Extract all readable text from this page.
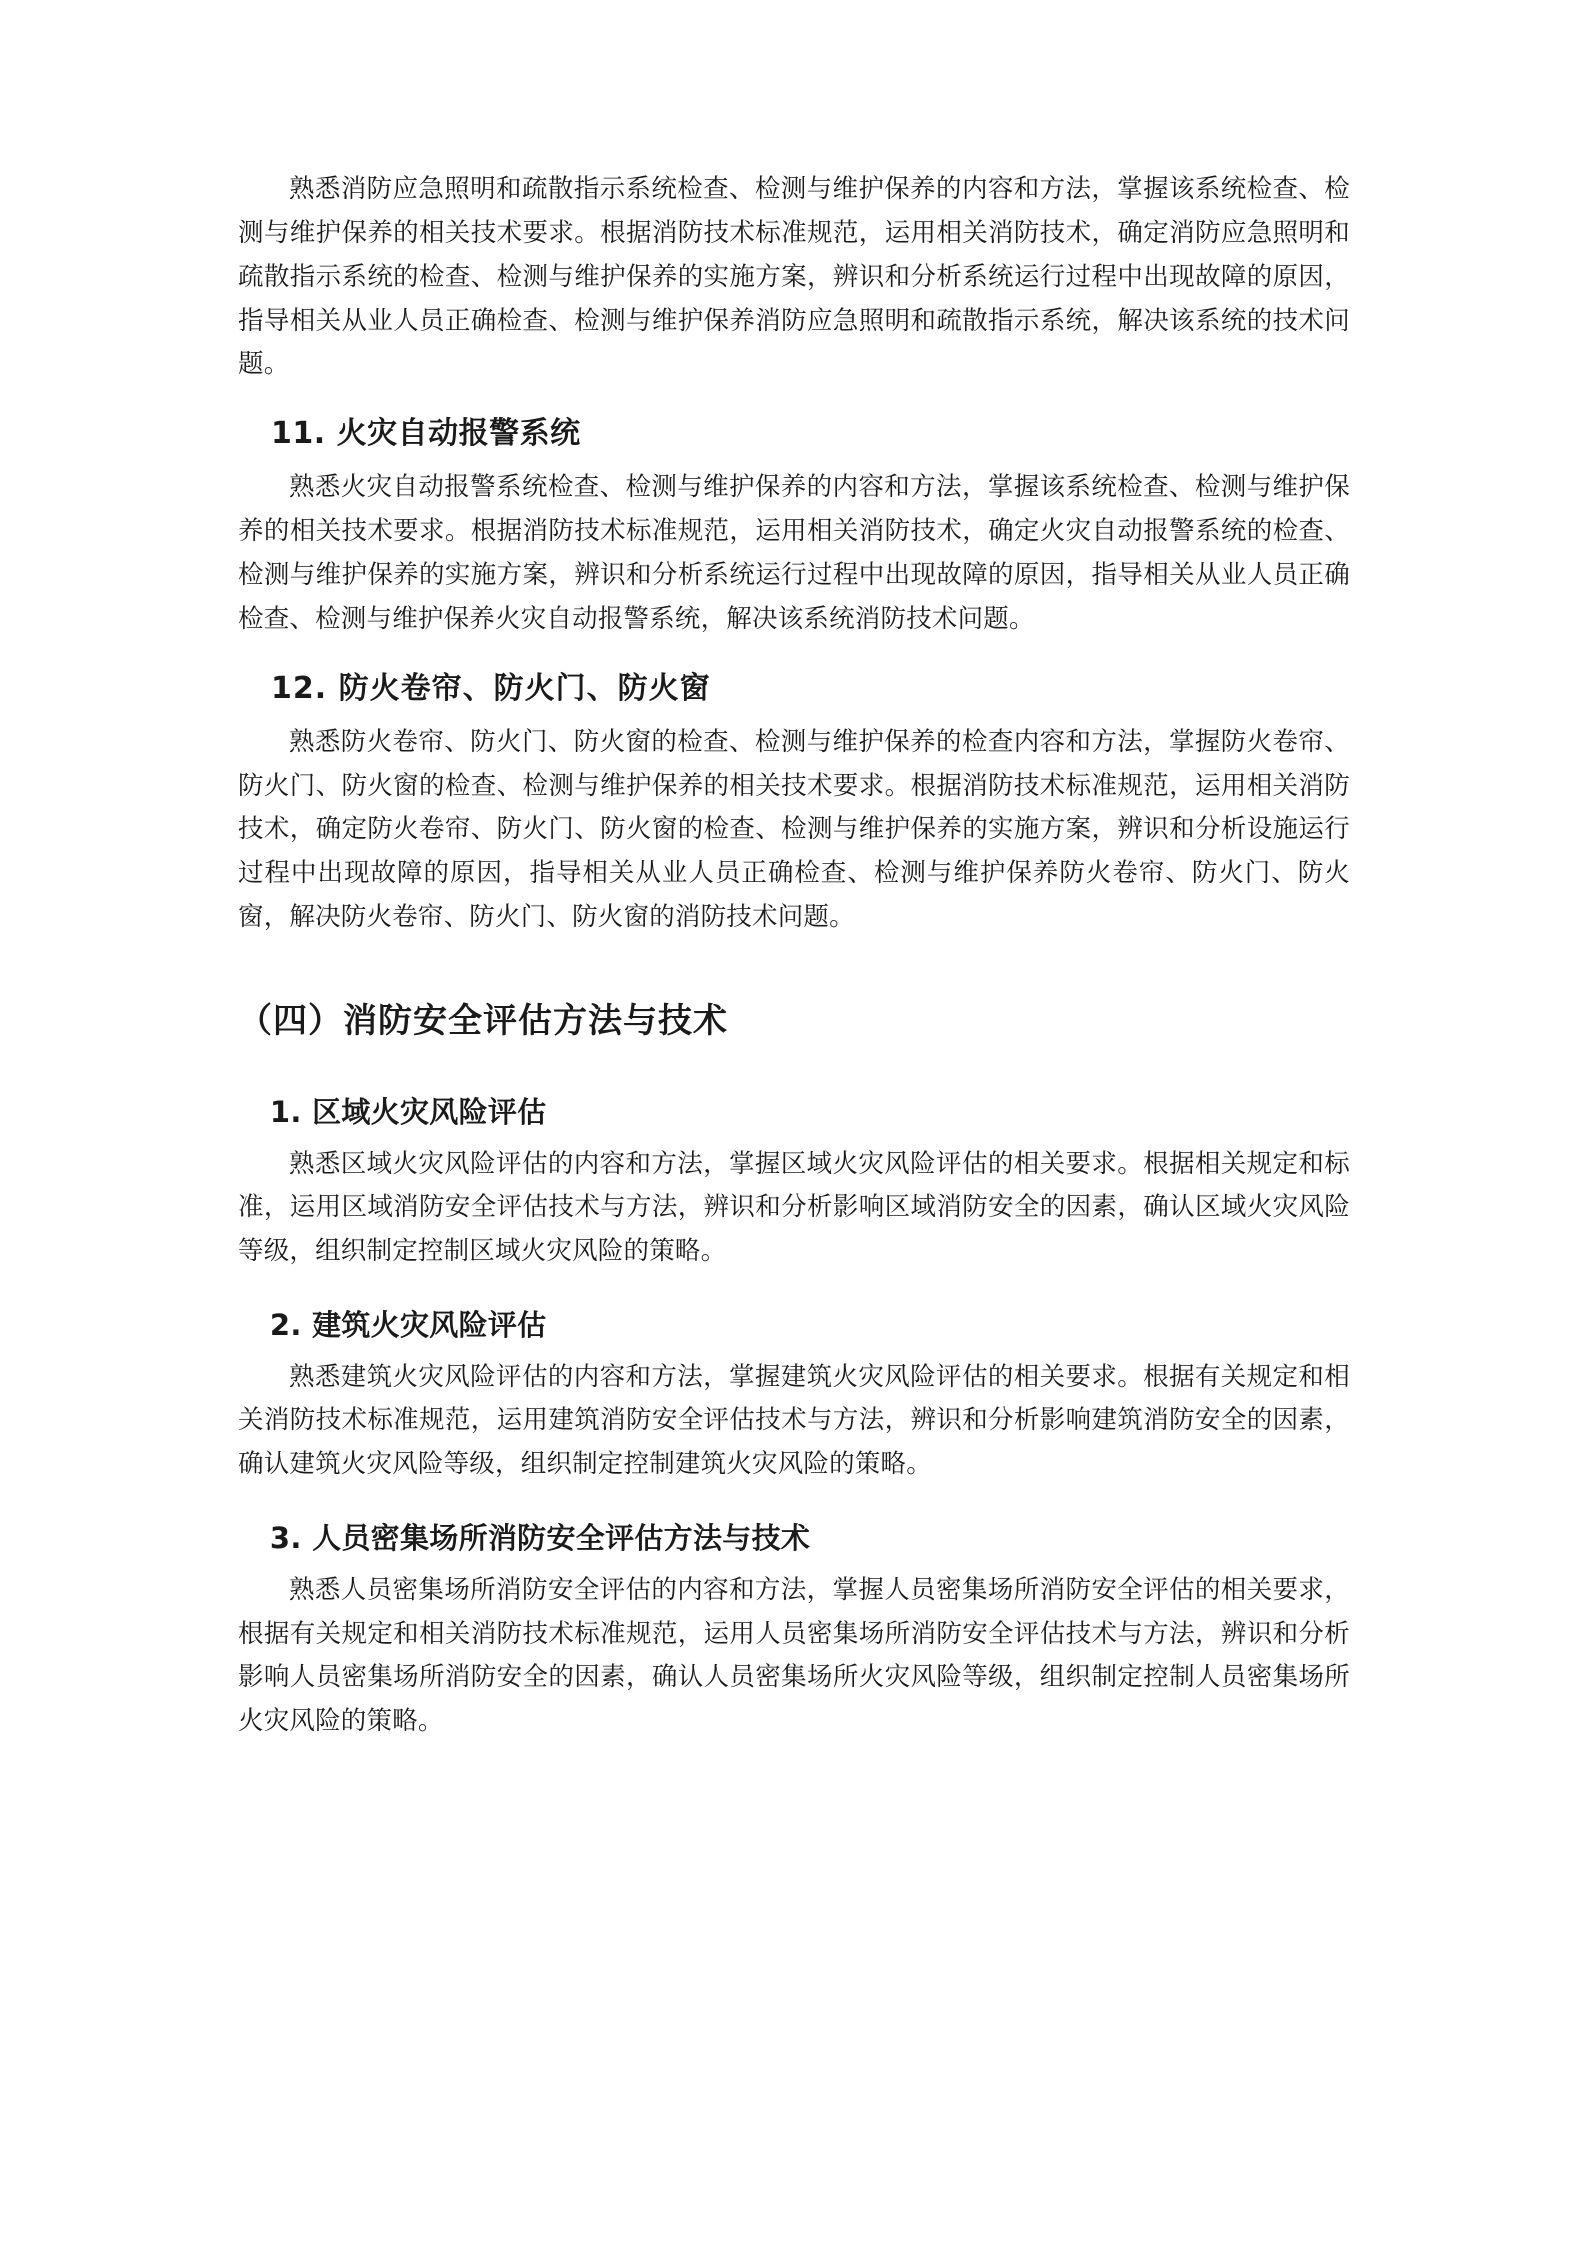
熟悉消防应急照明和疏散指示系统检查、检测与维护保养的内容和方法，掌握该系统检查、检测与维护保养的相关技术要求。根据消防技术标准规范，运用相关消防技术，确定消防应急照明和疏散指示系统的检查、检测与维护保养的实施方案，辨识和分析系统运行过程中出现故障的原因，指导相关从业人员正确检查、检测与维护保养消防应急照明和疏散指示系统，解决该系统的技术问题。

11. 火灾自动报警系统

熟悉火灾自动报警系统检查、检测与维护保养的内容和方法，掌握该系统检查、检测与维护保养的相关技术要求。根据消防技术标准规范，运用相关消防技术，确定火灾自动报警系统的检查、检测与维护保养的实施方案，辨识和分析系统运行过程中出现故障的原因，指导相关从业人员正确检查、检测与维护保养火灾自动报警系统，解决该系统消防技术问题。

12. 防火卷帘、防火门、防火窗

熟悉防火卷帘、防火门、防火窗的检查、检测与维护保养的检查内容和方法，掌握防火卷帘、防火门、防火窗的检查、检测与维护保养的相关技术要求。根据消防技术标准规范，运用相关消防技术，确定防火卷帘、防火门、防火窗的检查、检测与维护保养的实施方案，辨识和分析设施运行过程中出现故障的原因，指导相关从业人员正确检查、检测与维护保养防火卷帘、防火门、防火窗，解决防火卷帘、防火门、防火窗的消防技术问题。

（四）消防安全评估方法与技术
1. 区域火灾风险评估

熟悉区域火灾风险评估的内容和方法，掌握区域火灾风险评估的相关要求。根据相关规定和标准，运用区域消防安全评估技术与方法，辨识和分析影响区域消防安全的因素，确认区域火灾风险等级，组织制定控制区域火灾风险的策略。

2. 建筑火灾风险评估

熟悉建筑火灾风险评估的内容和方法，掌握建筑火灾风险评估的相关要求。根据有关规定和相关消防技术标准规范，运用建筑消防安全评估技术与方法，辨识和分析影响建筑消防安全的因素，确认建筑火灾风险等级，组织制定控制建筑火灾风险的策略。

3. 人员密集场所消防安全评估方法与技术

熟悉人员密集场所消防安全评估的内容和方法，掌握人员密集场所消防安全评估的相关要求，根据有关规定和相关消防技术标准规范，运用人员密集场所消防安全评估技术与方法，辨识和分析影响人员密集场所消防安全的因素，确认人员密集场所火灾风险等级，组织制定控制人员密集场所火灾风险的策略。
